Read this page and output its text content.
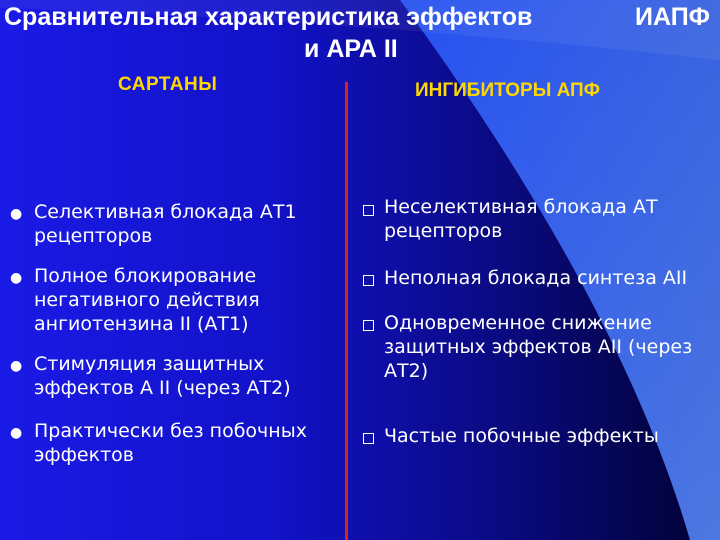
Сравнительная характеристика эффектов	ИАПФ
и АРА II
САРТАНЫ	ИНГИБИТОРЫ АПФ
● Селективная блокада АТ1 рецепторов
● Полное блокирование негативного действия ангиотензина II (АТ1)
● Стимуляция защитных эффектов А II (через АТ2)
● Практически без побочных эффектов
Неселективная блокада АТ рецепторов
Неполная блокада синтеза АII
Одновременное снижение защитных эффектов АII (через АТ2)
Частые побочные эффекты
